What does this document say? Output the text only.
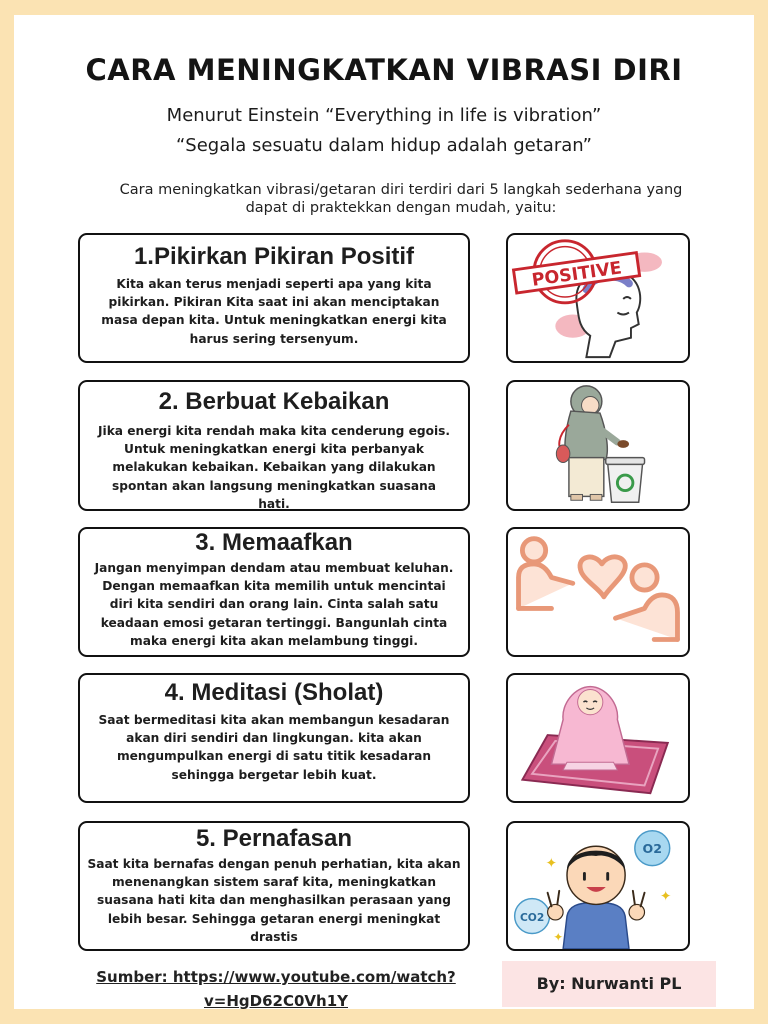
CARA MENINGKATKAN VIBRASI DIRI
Menurut Einstein “Everything in life is vibration”
“Segala sesuatu dalam hidup adalah getaran”
Cara meningkatkan vibrasi/getaran diri terdiri dari 5 langkah sederhana yang
dapat di praktekkan dengan mudah, yaitu:
1.Pikirkan Pikiran Positif

Kita akan terus menjadi seperti apa yang kita
pikirkan. Pikiran Kita saat ini akan menciptakan
masa depan kita. Untuk meningkatkan energi kita
harus sering tersenyum.

POSITIVE
2. Berbuat Kebaikan

Jika energi kita rendah maka kita cenderung egois.
Untuk meningkatkan energi kita perbanyak
melakukan kebaikan. Kebaikan yang dilakukan
spontan akan langsung meningkatkan suasana
hati.

3. Memaafkan

Jangan menyimpan dendam atau membuat keluhan.
Dengan memaafkan kita memilih untuk mencintai
diri kita sendiri dan orang lain. Cinta salah satu
keadaan emosi getaran tertinggi. Bangunlah cinta
maka energi kita akan melambung tinggi.

4. Meditasi (Sholat)

Saat bermeditasi kita akan membangun kesadaran
akan diri sendiri dan lingkungan. kita akan
mengumpulkan energi di satu titik kesadaran
sehingga bergetar lebih kuat.

5. Pernafasan

Saat kita bernafas dengan penuh perhatian, kita akan
menenangkan sistem saraf kita, meningkatkan
suasana hati kita dan menghasilkan perasaan yang
lebih besar. Sehingga getaran energi meningkat
drastis

O2
CO2
✦
✦
✦
Sumber: https://www.youtube.com/watch?
v=HgD62C0Vh1Y
By: Nurwanti PL
